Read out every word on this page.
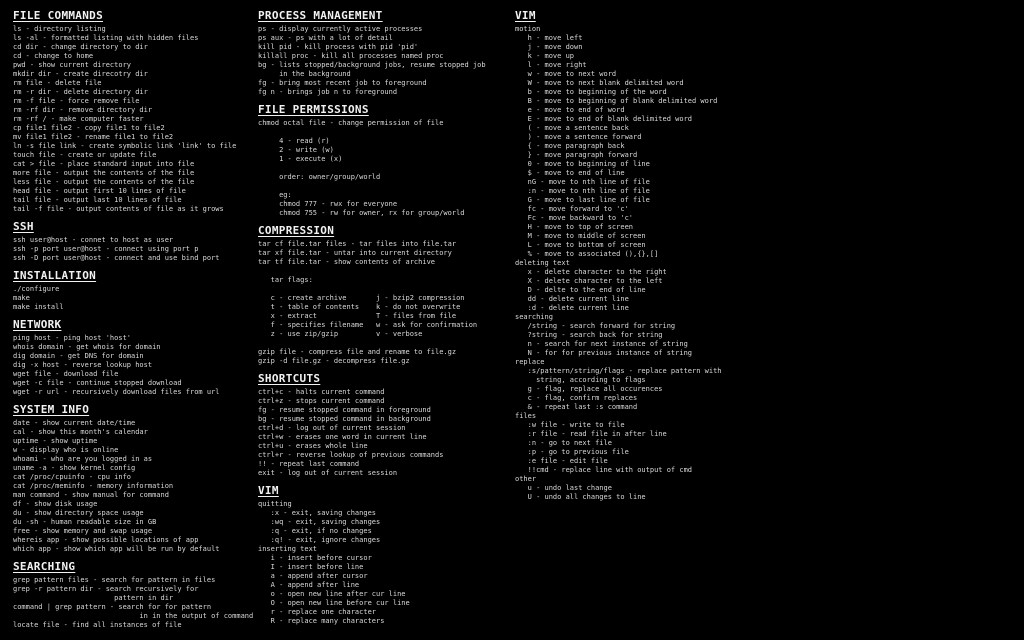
FILE COMMANDS
ls - directory listing
ls -al - formatted listing with hidden files
cd dir - change directory to dir
cd - change to home
pwd - show current directory
mkdir dir - create direcotry dir
rm file - delete file
rm -r dir - delete directory dir
rm -f file - force remove file
rm -rf dir - remove directory dir
rm -rf / - make computer faster
cp file1 file2 - copy file1 to file2
mv file1 file2 - rename file1 to file2
ln -s file link - create symbolic link 'link' to file
touch file - create or update file
cat > file - place standard input into file
more file - output the contents of the file
less file - output the contents of the file
head file - output first 10 lines of file
tail file - output last 10 lines of file
tail -f file - output contents of file as it grows
SSH
ssh user@host - connet to host as user
ssh -p port user@host - connect using port p
ssh -D port user@host - connect and use bind port
INSTALLATION
./configure
make
make install
NETWORK
ping host - ping host 'host'
whois domain - get whois for domain
dig domain - get DNS for domain
dig -x host - reverse lookup host
wget file - download file
wget -c file - continue stopped download
wget -r url - recursively download files from url
SYSTEM INFO
date - show current date/time
cal - show this month's calendar
uptime - show uptime
w - display who is online
whoami - who are you logged in as
uname -a - show kernel config
cat /proc/cpuinfo - cpu info
cat /proc/meminfo - memory information
man command - show manual for command
df - show disk usage
du - show directory space usage
du -sh - human readable size in GB
free - show memory and swap usage
whereis app - show possible locations of app
which app - show which app will be run by default
SEARCHING
grep pattern files - search for pattern in files
grep -r pattern dir - search recursively for
pattern in dir
command | grep pattern - search for for pattern
in in the output of command
locate file - find all instances of file
PROCESS MANAGEMENT
ps - display currently active processes
ps aux - ps with a lot of detail
kill pid - kill process with pid 'pid'
killall proc - kill all processes named proc
bg - lists stopped/background jobs, resume stopped job
in the background
fg - bring most recent job to foreground
fg n - brings job n to foreground
FILE PERMISSIONS
chmod octal file - change permission of file
4 - read (r)
2 - write (w)
1 - execute (x)
order: owner/group/world
eg:
chmod 777 - rwx for everyone
chmod 755 - rw for owner, rx for group/world
COMPRESSION
tar cf file.tar files - tar files into file.tar
tar xf file.tar - untar into current directory
tar tf file.tar - show contents of archive
tar flags:
c - create archive       j - bzip2 compression
t - table of contents    k - do not overwrite
x - extract              T - files from file
f - specifies filename   w - ask for confirmation
z - use zip/gzip         v - verbose
gzip file - compress file and rename to file.gz
gzip -d file.gz - decompress file.gz
SHORTCUTS
ctrl+c - halts current command
ctrl+z - stops current command
fg - resume stopped command in foreground
bg - resume stopped command in background
ctrl+d - log out of current session
ctrl+w - erases one word in current line
ctrl+u - erases whole line
ctrl+r - reverse lookup of previous commands
!! - repeat last command
exit - log out of current session
VIM
quitting
:x - exit, saving changes
:wq - exit, saving changes
:q - exit, if no changes
:q! - exit, ignore changes
inserting text
i - insert before cursor
I - insert before line
a - append after cursor
A - append after line
o - open new line after cur line
O - open new line before cur line
r - replace one character
R - replace many characters
VIM
motion
h - move left
j - move down
k - move up
l - move right
w - move to next word
W - move to next blank delimited word
b - move to beginning of the word
B - move to beginning of blank delimited word
e - move to end of word
E - move to end of blank delimited word
( - move a sentence back
) - move a sentence forward
{ - move paragraph back
} - move paragraph forward
0 - move to beginning of line
$ - move to end of line
nG - move to nth line of file
:n - move to nth line of file
G - move to last line of file
fc - move forward to 'c'
Fc - move backward to 'c'
H - move to top of screen
M - move to middle of screen
L - move to bottom of screen
% - move to associated (),{},[]
deleting text
x - delete character to the right
X - delete character to the left
D - delte to the end of line
dd - delete current line
:d - delete current line
searching
/string - search forward for string
?string - search back for string
n - search for next instance of string
N - for for previous instance of string
replace
:s/pattern/string/flags - replace pattern with
string, according to flags
g - flag, replace all occurences
c - flag, confirm replaces
& - repeat last :s command
files
:w file - write to file
:r file - read file in after line
:n - go to next file
:p - go to previous file
:e file - edit file
!!cmd - replace line with output of cmd
other
u - undo last change
U - undo all changes to line
